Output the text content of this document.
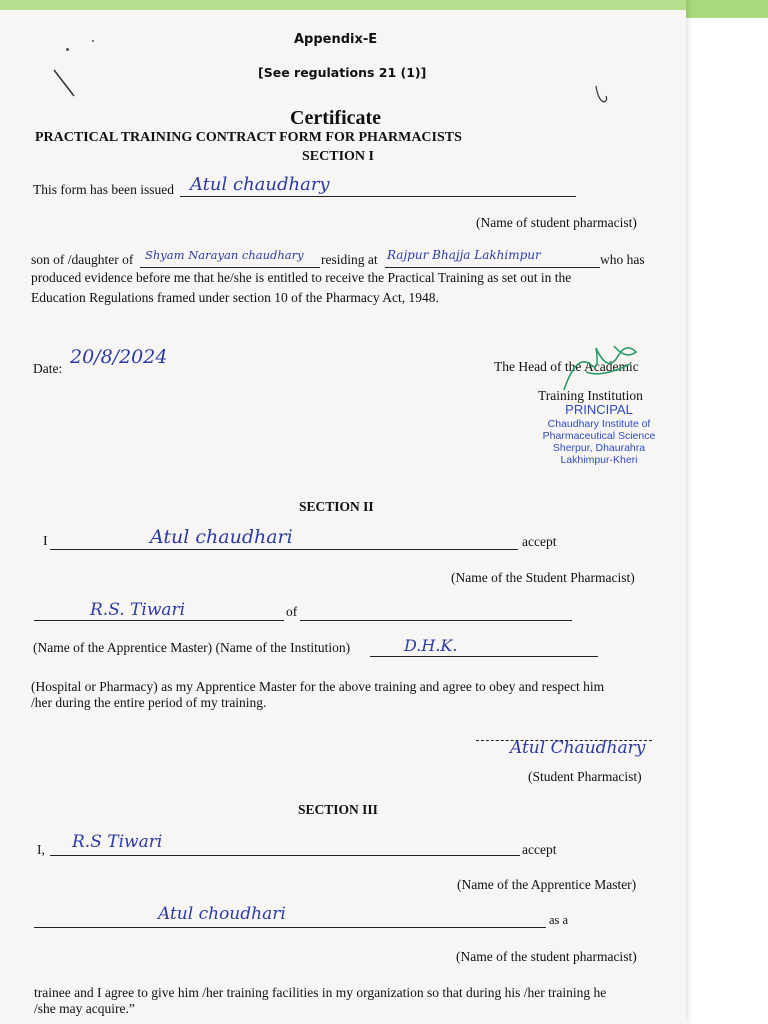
Appendix-E
[See regulations 21 (1)]
Certificate
PRACTICAL TRAINING CONTRACT FORM FOR PHARMACISTS
SECTION I
This form has been issued Atul chaudhary
(Name of student pharmacist)
son of /daughter of Shyam Narayan chaudhary residing at Rajpur Bhajja Lakhimpur	who has
produced evidence before me that he/she is entitled to receive the Practical Training as set out in the
Education Regulations framed under section 10 of the Pharmacy Act, 1948.
Date:
20/8/2024	The Head of the Academic
Training Institution
PRINCIPAL
Chaudhary Institute of
Pharmaceutical Science
Sherpur, Dhaurahra
Lakhimpur-Kheri
SECTION II
I	Atul chaudhari	accept
(Name of the Student Pharmacist)
R.S. Tiwari	of
(Name of the Apprentice Master) (Name of the Institution)	D.H.K.
(Hospital or Pharmacy) as my Apprentice Master for the above training and agree to obey and respect him
/her during the entire period of my training.
Atul Chaudhary
(Student Pharmacist)
SECTION III
I, R.S Tiwari	accept
(Name of the Apprentice Master)
Atul choudhari	as a
(Name of the student pharmacist)
trainee and I agree to give him /her training facilities in my organization so that during his /her training he
/she may acquire.”
